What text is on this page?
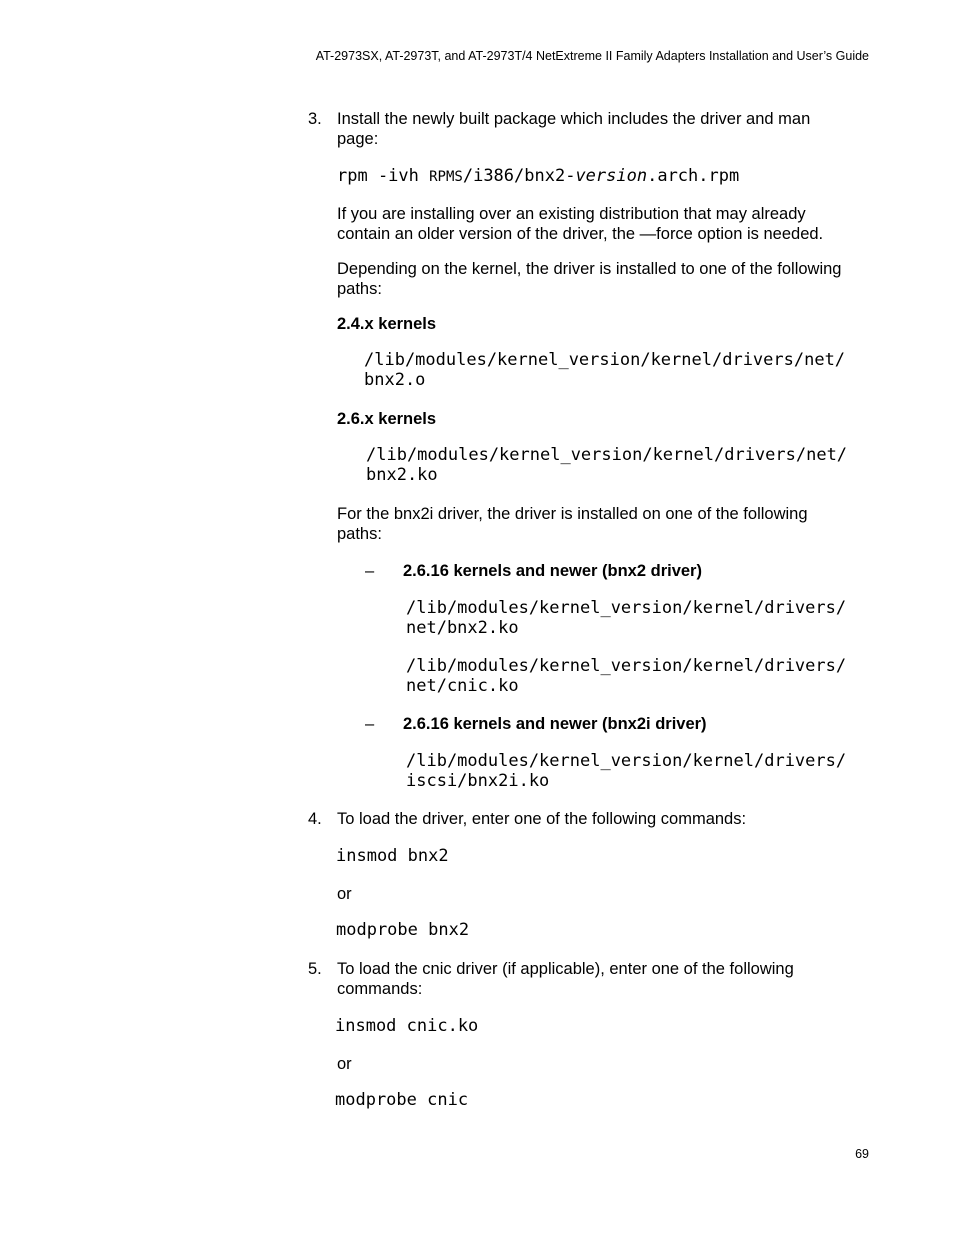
AT-2973SX, AT-2973T, and AT-2973T/4 NetExtreme II Family Adapters Installation and User’s Guide
3. Install the newly built package which includes the driver and man
page:
rpm -ivh RPMS/i386/bnx2-version.arch.rpm
If you are installing over an existing distribution that may already
contain an older version of the driver, the —force option is needed.
Depending on the kernel, the driver is installed to one of the following
paths:
2.4.x kernels
/lib/modules/kernel_version/kernel/drivers/net/
bnx2.o
2.6.x kernels
/lib/modules/kernel_version/kernel/drivers/net/
bnx2.ko
For the bnx2i driver, the driver is installed on one of the following
paths:
– 2.6.16 kernels and newer (bnx2 driver)
/lib/modules/kernel_version/kernel/drivers/
net/bnx2.ko
/lib/modules/kernel_version/kernel/drivers/
net/cnic.ko
– 2.6.16 kernels and newer (bnx2i driver)
/lib/modules/kernel_version/kernel/drivers/
iscsi/bnx2i.ko
4. To load the driver, enter one of the following commands:
insmod bnx2
or
modprobe bnx2
5. To load the cnic driver (if applicable), enter one of the following
commands:
insmod cnic.ko
or
modprobe cnic
69
